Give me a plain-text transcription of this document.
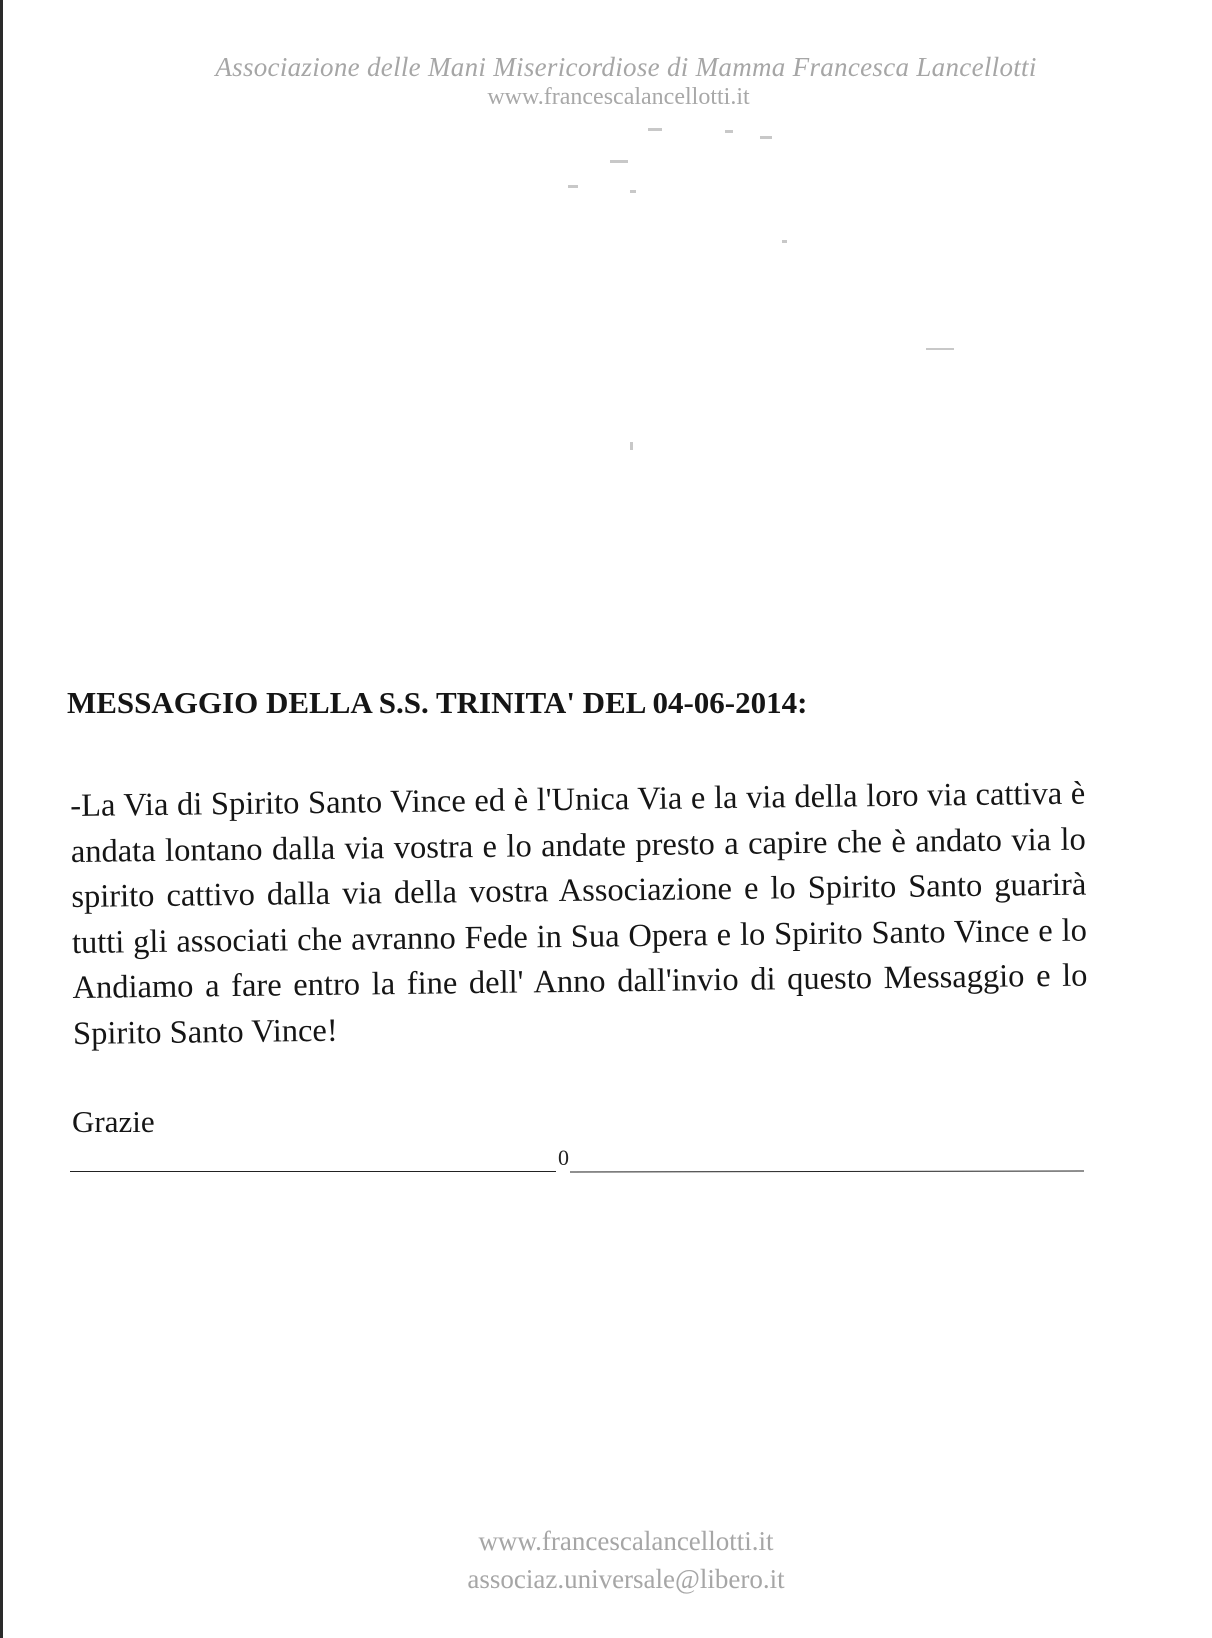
Associazione delle Mani Misericordiose di Mamma Francesca Lancellotti

www.francescalancellotti.it

MESSAGGIO DELLA S.S. TRINITA' DEL 04-06-2014:

-La Via di Spirito Santo Vince ed è l'Unica Via e la via della loro via cattiva è andata lontano dalla via vostra e lo andate presto a capire che è andato via lo spirito cattivo dalla via della vostra Associazione e lo Spirito Santo guarirà tutti gli associati che avranno Fede in Sua Opera e lo Spirito Santo Vince e lo Andiamo a fare entro la fine dell' Anno dall'invio di questo Messaggio e lo Spirito Santo Vince!

Grazie

0

www.francescalancellotti.it

associaz.universale@libero.it
